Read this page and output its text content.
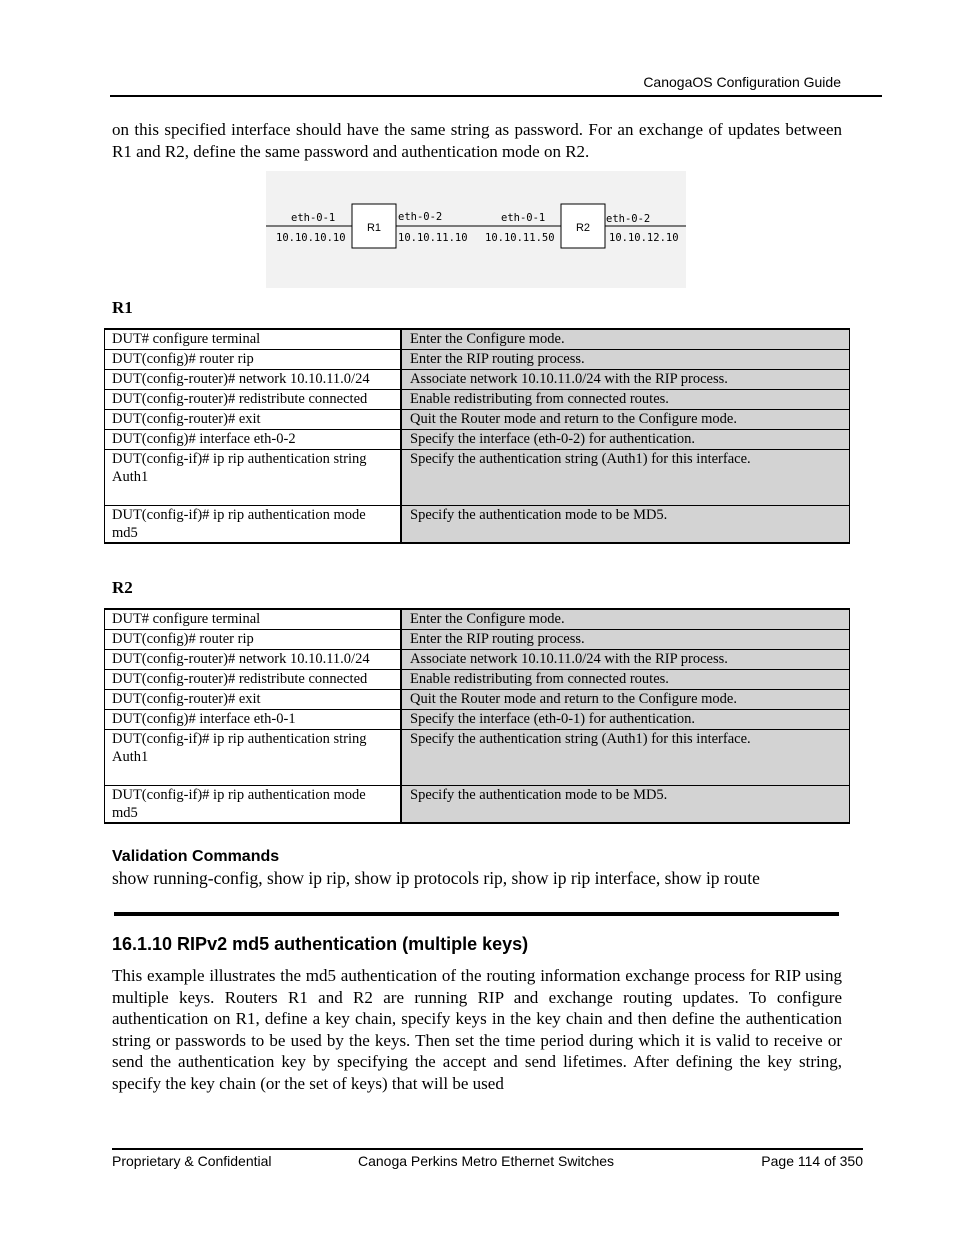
CanogaOS Configuration Guide
on this specified interface should have the same string as password. For an exchange of updates between R1 and R2, define the same password and authentication mode on R2.
R1	R2
eth-0-1
10.10.10.10
eth-0-2
10.10.11.10
eth-0-1
10.10.11.50
eth-0-2
10.10.12.10
R1
DUT# configure terminal	Enter the Configure mode.
DUT(config)# router rip	Enter the RIP routing process.
DUT(config-router)# network 10.10.11.0/24	Associate network 10.10.11.0/24 with the RIP process.
DUT(config-router)# redistribute connected	Enable redistributing from connected routes.
DUT(config-router)# exit	Quit the Router mode and return to the Configure mode.
DUT(config)# interface eth-0-2	Specify the interface (eth-0-2) for authentication.
DUT(config-if)# ip rip authentication string Auth1	Specify the authentication string (Auth1) for this interface.
DUT(config-if)# ip rip authentication mode md5	Specify the authentication mode to be MD5.
R2
DUT# configure terminal	Enter the Configure mode.
DUT(config)# router rip	Enter the RIP routing process.
DUT(config-router)# network 10.10.11.0/24	Associate network 10.10.11.0/24 with the RIP process.
DUT(config-router)# redistribute connected	Enable redistributing from connected routes.
DUT(config-router)# exit	Quit the Router mode and return to the Configure mode.
DUT(config)# interface eth-0-1	Specify the interface (eth-0-1) for authentication.
DUT(config-if)# ip rip authentication string Auth1	Specify the authentication string (Auth1) for this interface.
DUT(config-if)# ip rip authentication mode md5	Specify the authentication mode to be MD5.
Validation Commands
show running-config, show ip rip, show ip protocols rip, show ip rip interface, show ip route
16.1.10 RIPv2 md5 authentication (multiple keys)
This example illustrates the md5 authentication of the routing information exchange process for RIP using multiple keys. Routers R1 and R2 are running RIP and exchange routing updates. To configure authentication on R1, define a key chain, specify keys in the key chain and then define the authentication string or passwords to be used by the keys. Then set the time period during which it is valid to receive or send the authentication key by specifying the accept and send lifetimes. After defining the key string, specify the key chain (or the set of keys) that will be used
Proprietary & Confidential	Canoga Perkins Metro Ethernet Switches	Page 114 of 350
